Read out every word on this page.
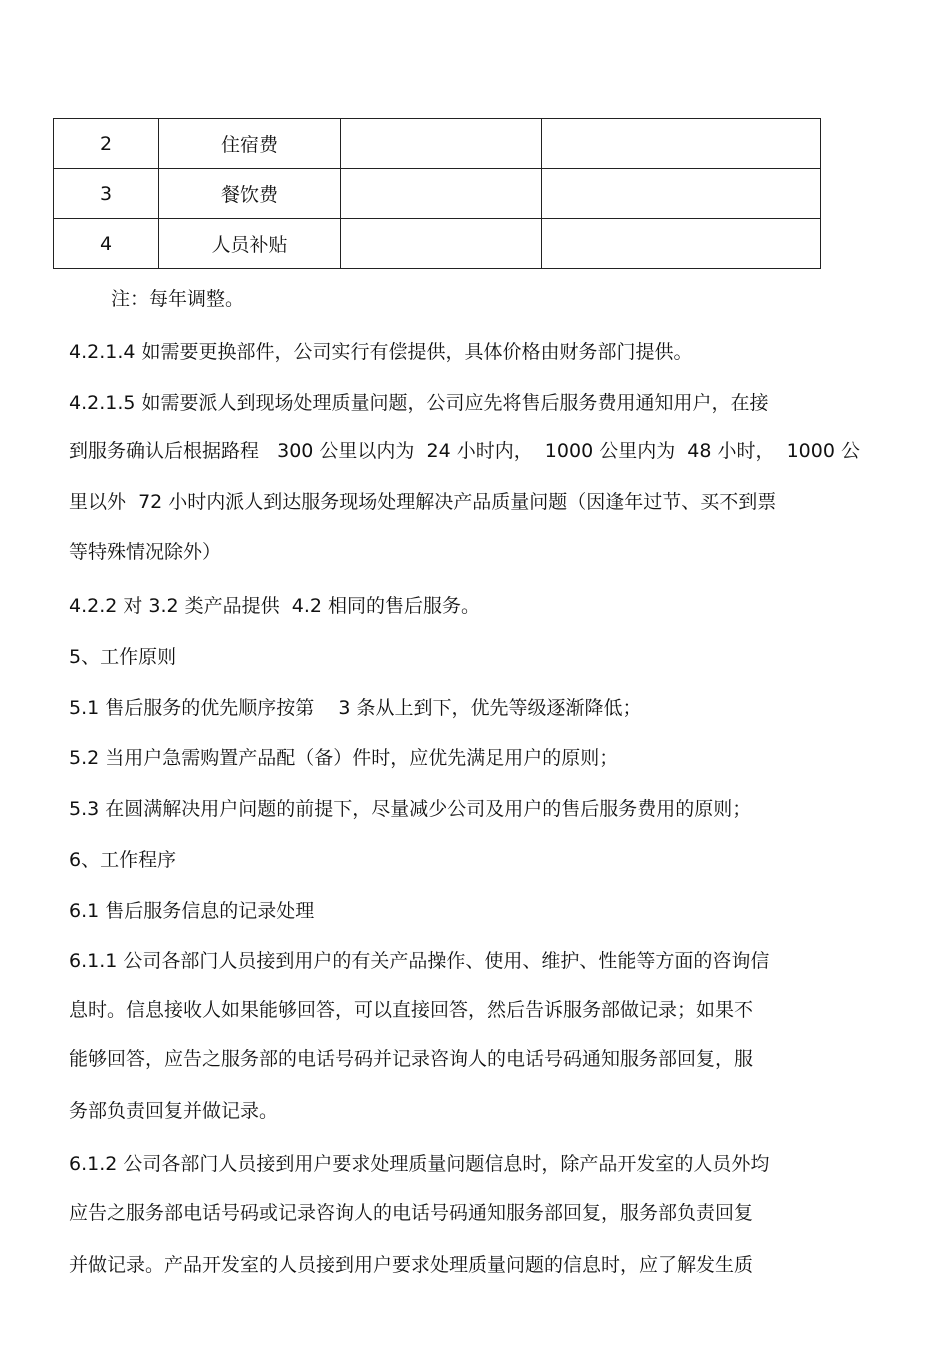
2	住宿费		
3	餐饮费		
4	人员补贴		

注：每年调整。

4.2.1.4 如需要更换部件，公司实行有偿提供，具体价格由财务部门提供。

4.2.1.5 如需要派人到现场处理质量问题，公司应先将售后服务费用通知用户，在接

到服务确认后根据路程   300 公里以内为  24 小时内，  1000 公里内为  48 小时，  1000 公

里以外  72 小时内派人到达服务现场处理解决产品质量问题（因逢年过节、买不到票

等特殊情况除外）

4.2.2 对 3.2 类产品提供  4.2 相同的售后服务。

5、工作原则

5.1 售后服务的优先顺序按第    3 条从上到下，优先等级逐渐降低；

5.2 当用户急需购置产品配（备）件时，应优先满足用户的原则；

5.3 在圆满解决用户问题的前提下，尽量减少公司及用户的售后服务费用的原则；

6、工作程序

6.1 售后服务信息的记录处理

6.1.1 公司各部门人员接到用户的有关产品操作、使用、维护、性能等方面的咨询信

息时。信息接收人如果能够回答，可以直接回答，然后告诉服务部做记录；如果不

能够回答，应告之服务部的电话号码并记录咨询人的电话号码通知服务部回复，服

务部负责回复并做记录。

6.1.2 公司各部门人员接到用户要求处理质量问题信息时，除产品开发室的人员外均

应告之服务部电话号码或记录咨询人的电话号码通知服务部回复，服务部负责回复

并做记录。产品开发室的人员接到用户要求处理质量问题的信息时，应了解发生质
